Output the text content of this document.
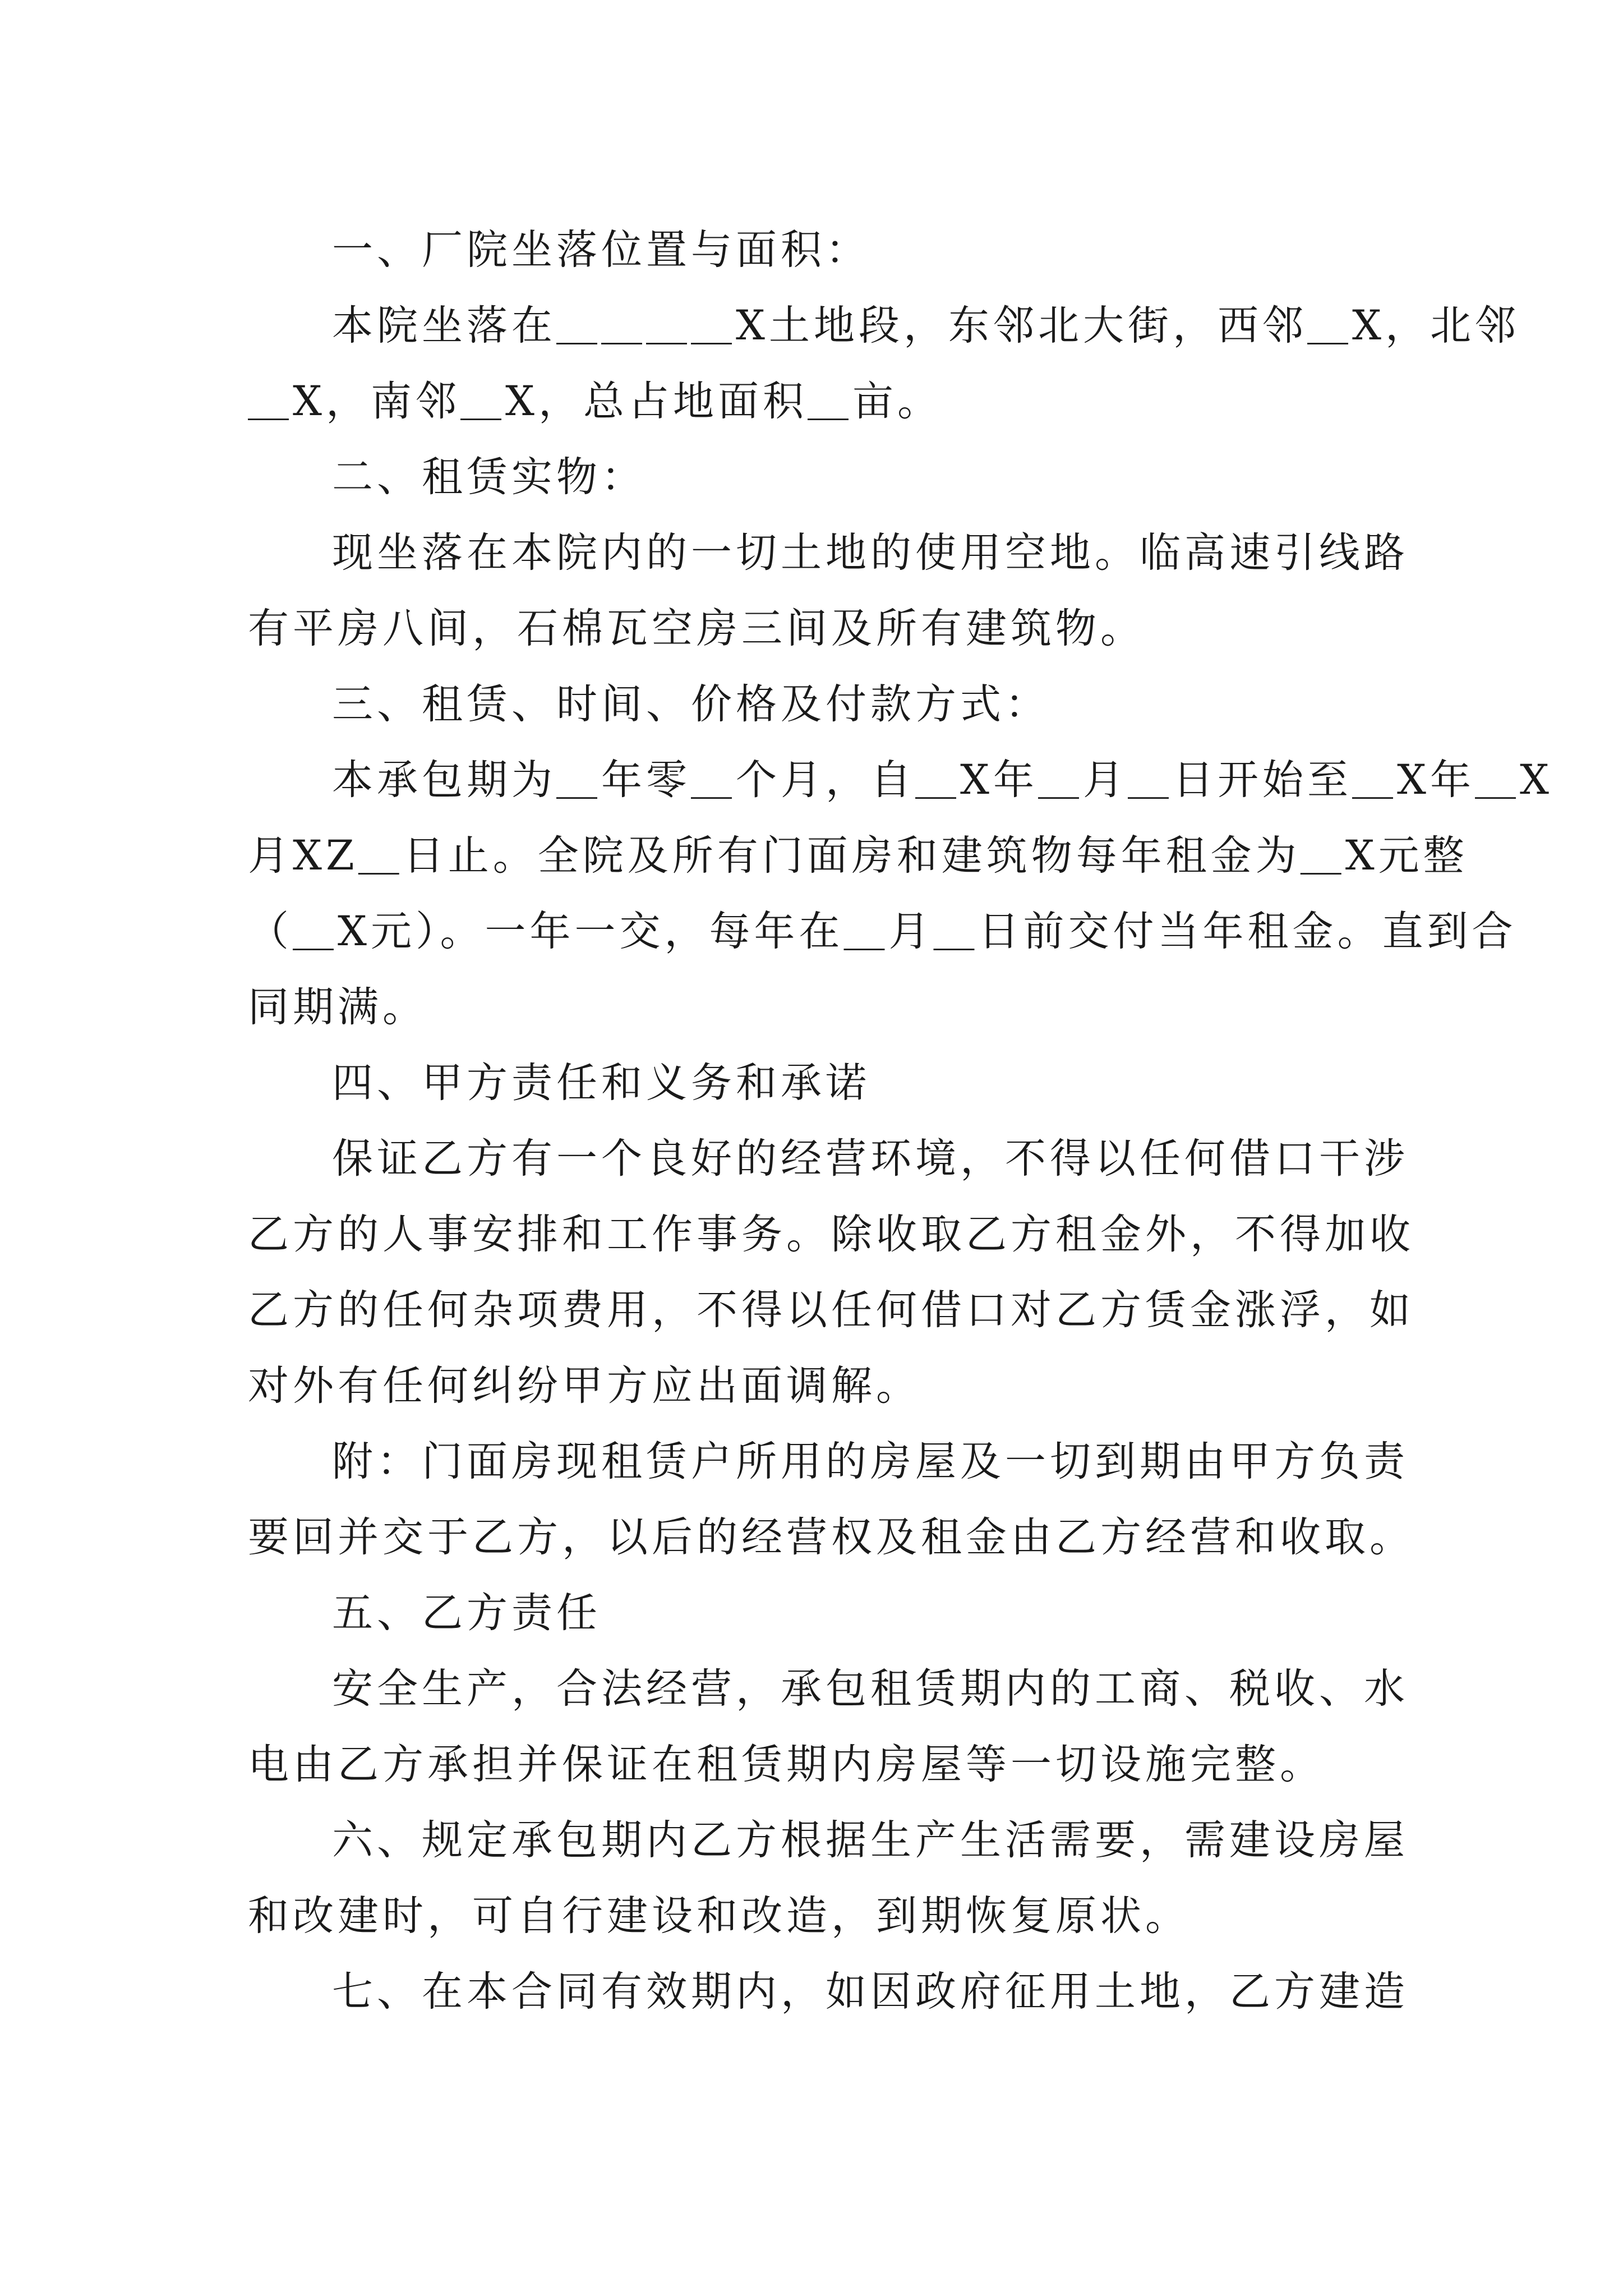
一、厂院坐落位置与面积：
本院坐落在＿＿＿＿X土地段，东邻北大街，西邻＿X，北邻
＿X，南邻＿X，总占地面积＿亩。
二、租赁实物：
现坐落在本院内的一切土地的使用空地。临高速引线路
有平房八间，石棉瓦空房三间及所有建筑物。
三、租赁、时间、价格及付款方式：
本承包期为＿年零＿个月，自＿X年＿月＿日开始至＿X年＿X
月XZ＿日止。全院及所有门面房和建筑物每年租金为＿X元整
（＿X元）。一年一交，每年在＿月＿日前交付当年租金。直到合
同期满。
四、甲方责任和义务和承诺
保证乙方有一个良好的经营环境，不得以任何借口干涉
乙方的人事安排和工作事务。除收取乙方租金外，不得加收
乙方的任何杂项费用，不得以任何借口对乙方赁金涨浮，如
对外有任何纠纷甲方应出面调解。
附：门面房现租赁户所用的房屋及一切到期由甲方负责
要回并交于乙方，以后的经营权及租金由乙方经营和收取。
五、乙方责任
安全生产，合法经营，承包租赁期内的工商、税收、水
电由乙方承担并保证在租赁期内房屋等一切设施完整。
六、规定承包期内乙方根据生产生活需要，需建设房屋
和改建时，可自行建设和改造，到期恢复原状。
七、在本合同有效期内，如因政府征用土地，乙方建造
